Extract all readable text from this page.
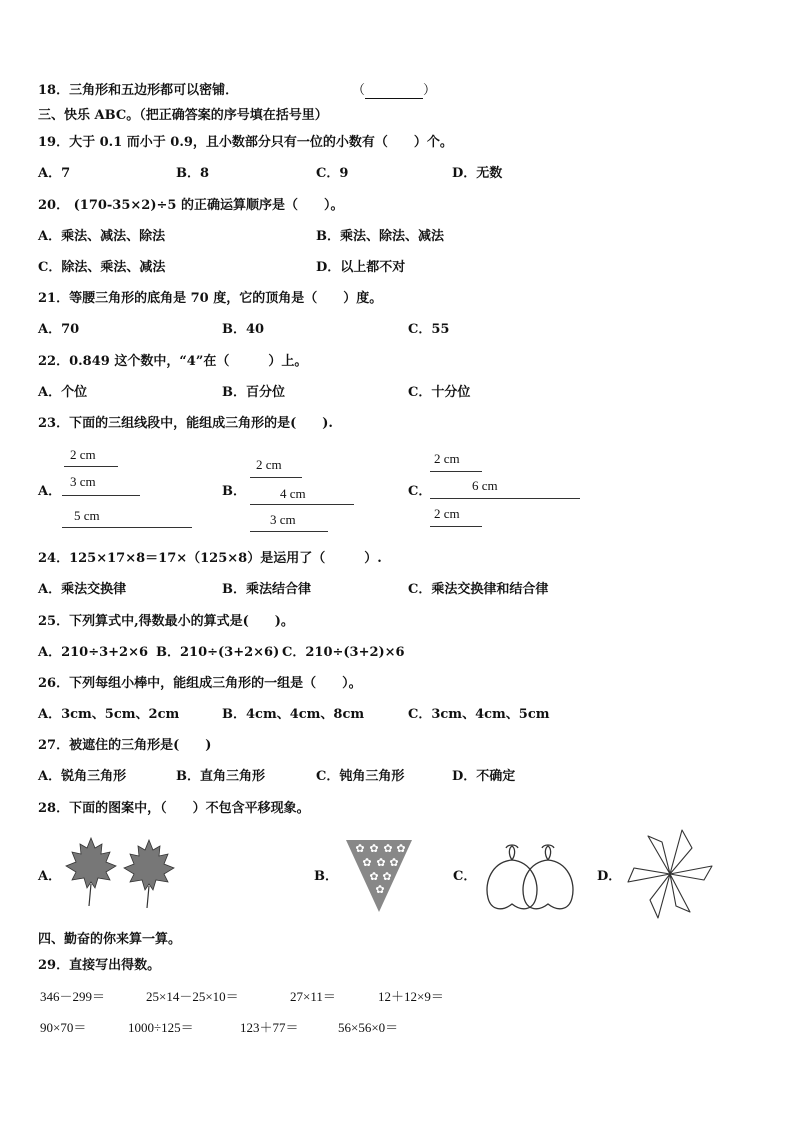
18．三角形和五边形都可以密铺．	（	）
三、快乐 ABC。（把正确答案的序号填在括号里）
19．大于 0.1 而小于 0.9，且小数部分只有一位的小数有（　　）个。
A．7	B．8	C．9	D．无数
20． (170-35×2)÷5 的正确运算顺序是（　　）。
A．乘法、减法、除法	B．乘法、除法、减法
C．除法、乘法、减法	D．以上都不对
21．等腰三角形的底角是 70 度，它的顶角是（　　）度。
A．70	B．40	C．55
22．0.849 这个数中，“4”在（　　　）上。
A．个位	B．百分位	C．十分位
23．下面的三组线段中，能组成三角形的是(　　).
A．
2 cm
3 cm
5 cm
B．
2 cm
4 cm
3 cm
C．
2 cm
6 cm
2 cm
24．125×17×8＝17×（125×8）是运用了（　　　）.
A．乘法交换律	B．乘法结合律	C．乘法交换律和结合律
25．下列算式中,得数最小的算式是(　　)。
A．210÷3+2×6 B．210÷(3+2×6) C．210÷(3+2)×6
26．下列每组小棒中，能组成三角形的一组是（　　）。
A．3cm、5cm、2cm	B．4cm、4cm、8cm	C．3cm、4cm、5cm
27．被遮住的三角形是(　　)
A．锐角三角形	B．直角三角形	C．钝角三角形	D．不确定
28．下面的图案中，（　　）不包含平移现象。
A．	B．
✿ ✿ ✿ ✿
✿ ✿ ✿
✿ ✿
✿
C．	D．
四、勤奋的你来算一算。
29．直接写出得数。
346－299＝	25×14－25×10＝	27×11＝	12＋12×9＝
90×70＝	1000÷125＝	123＋77＝	56×56×0＝
